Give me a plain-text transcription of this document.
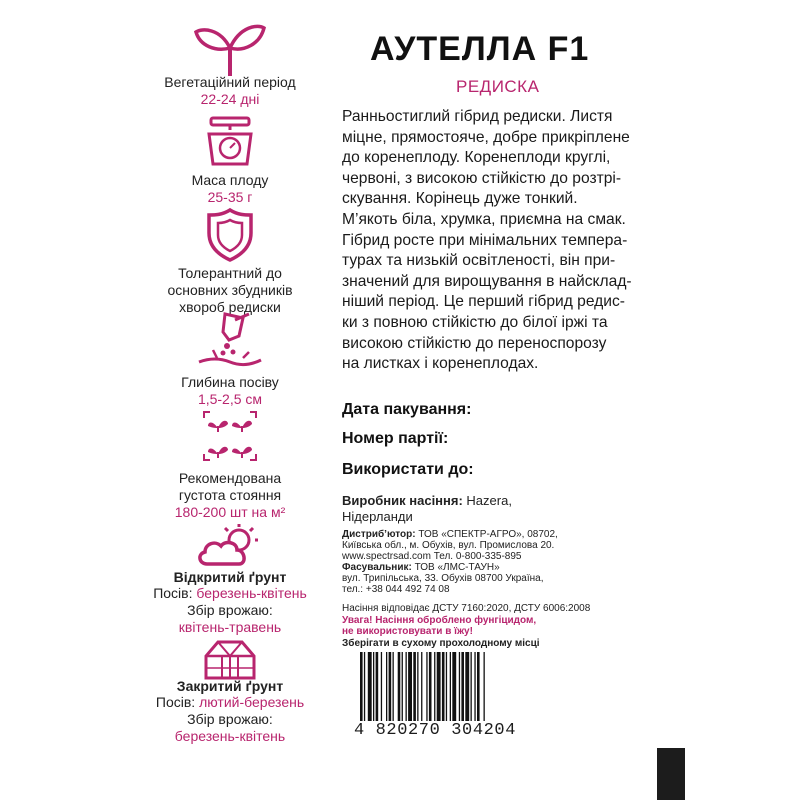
Вегетаційний період
22-24 дні
Маса плоду
25-35 г
Толерантний до
основних збудників
хвороб редиски
Глибина посіву
1,5-2,5 см
Рекомендована
густота стояння
180-200 шт на м²
Відкритий ґрунт
Посів: березень-квітень
Збір врожаю:
квітень-травень
Закритий ґрунт
Посів: лютий-березень
Збір врожаю:
березень-квітень
АУТЕЛЛА F1
РЕДИСКА
Ранньостиглий гібрид редиски. Листя
міцне, прямостояче, добре прикріплене
до коренеплоду. Коренеплоди круглі,
червоні, з високою стійкістю до розтрі-
скування. Корінець дуже тонкий.
М’якоть біла, хрумка, приємна на смак.
Гібрид росте при мінімальних темпера-
турах та низькій освітленості, він при-
значений для вирощування в найсклад-
ніший період. Це перший гібрид редис-
ки з повною стійкістю до білої іржі та
високою стійкістю до переноспорозу
на листках і коренеплодах.
Дата пакування:
Номер партії:
Використати до:
Виробник насіння: Hazera,
Нідерланди
Дистриб’ютор: ТОВ «СПЕКТР-АГРО», 08702,
Київська обл., м. Обухів, вул. Промислова 20.
www.spectrsad.com Тел. 0-800-335-895
Фасувальник: ТОВ «ЛМС-ТАУН»
вул. Трипільська, 33. Обухів 08700 Україна,
тел.: +38 044 492 74 08
Насіння відповідає ДСТУ 7160:2020, ДСТУ 6006:2008
Увага! Насіння оброблено фунгіцидом,
не використовувати в їжу!
Зберігати в сухому прохолодному місці
4 820270 304204
